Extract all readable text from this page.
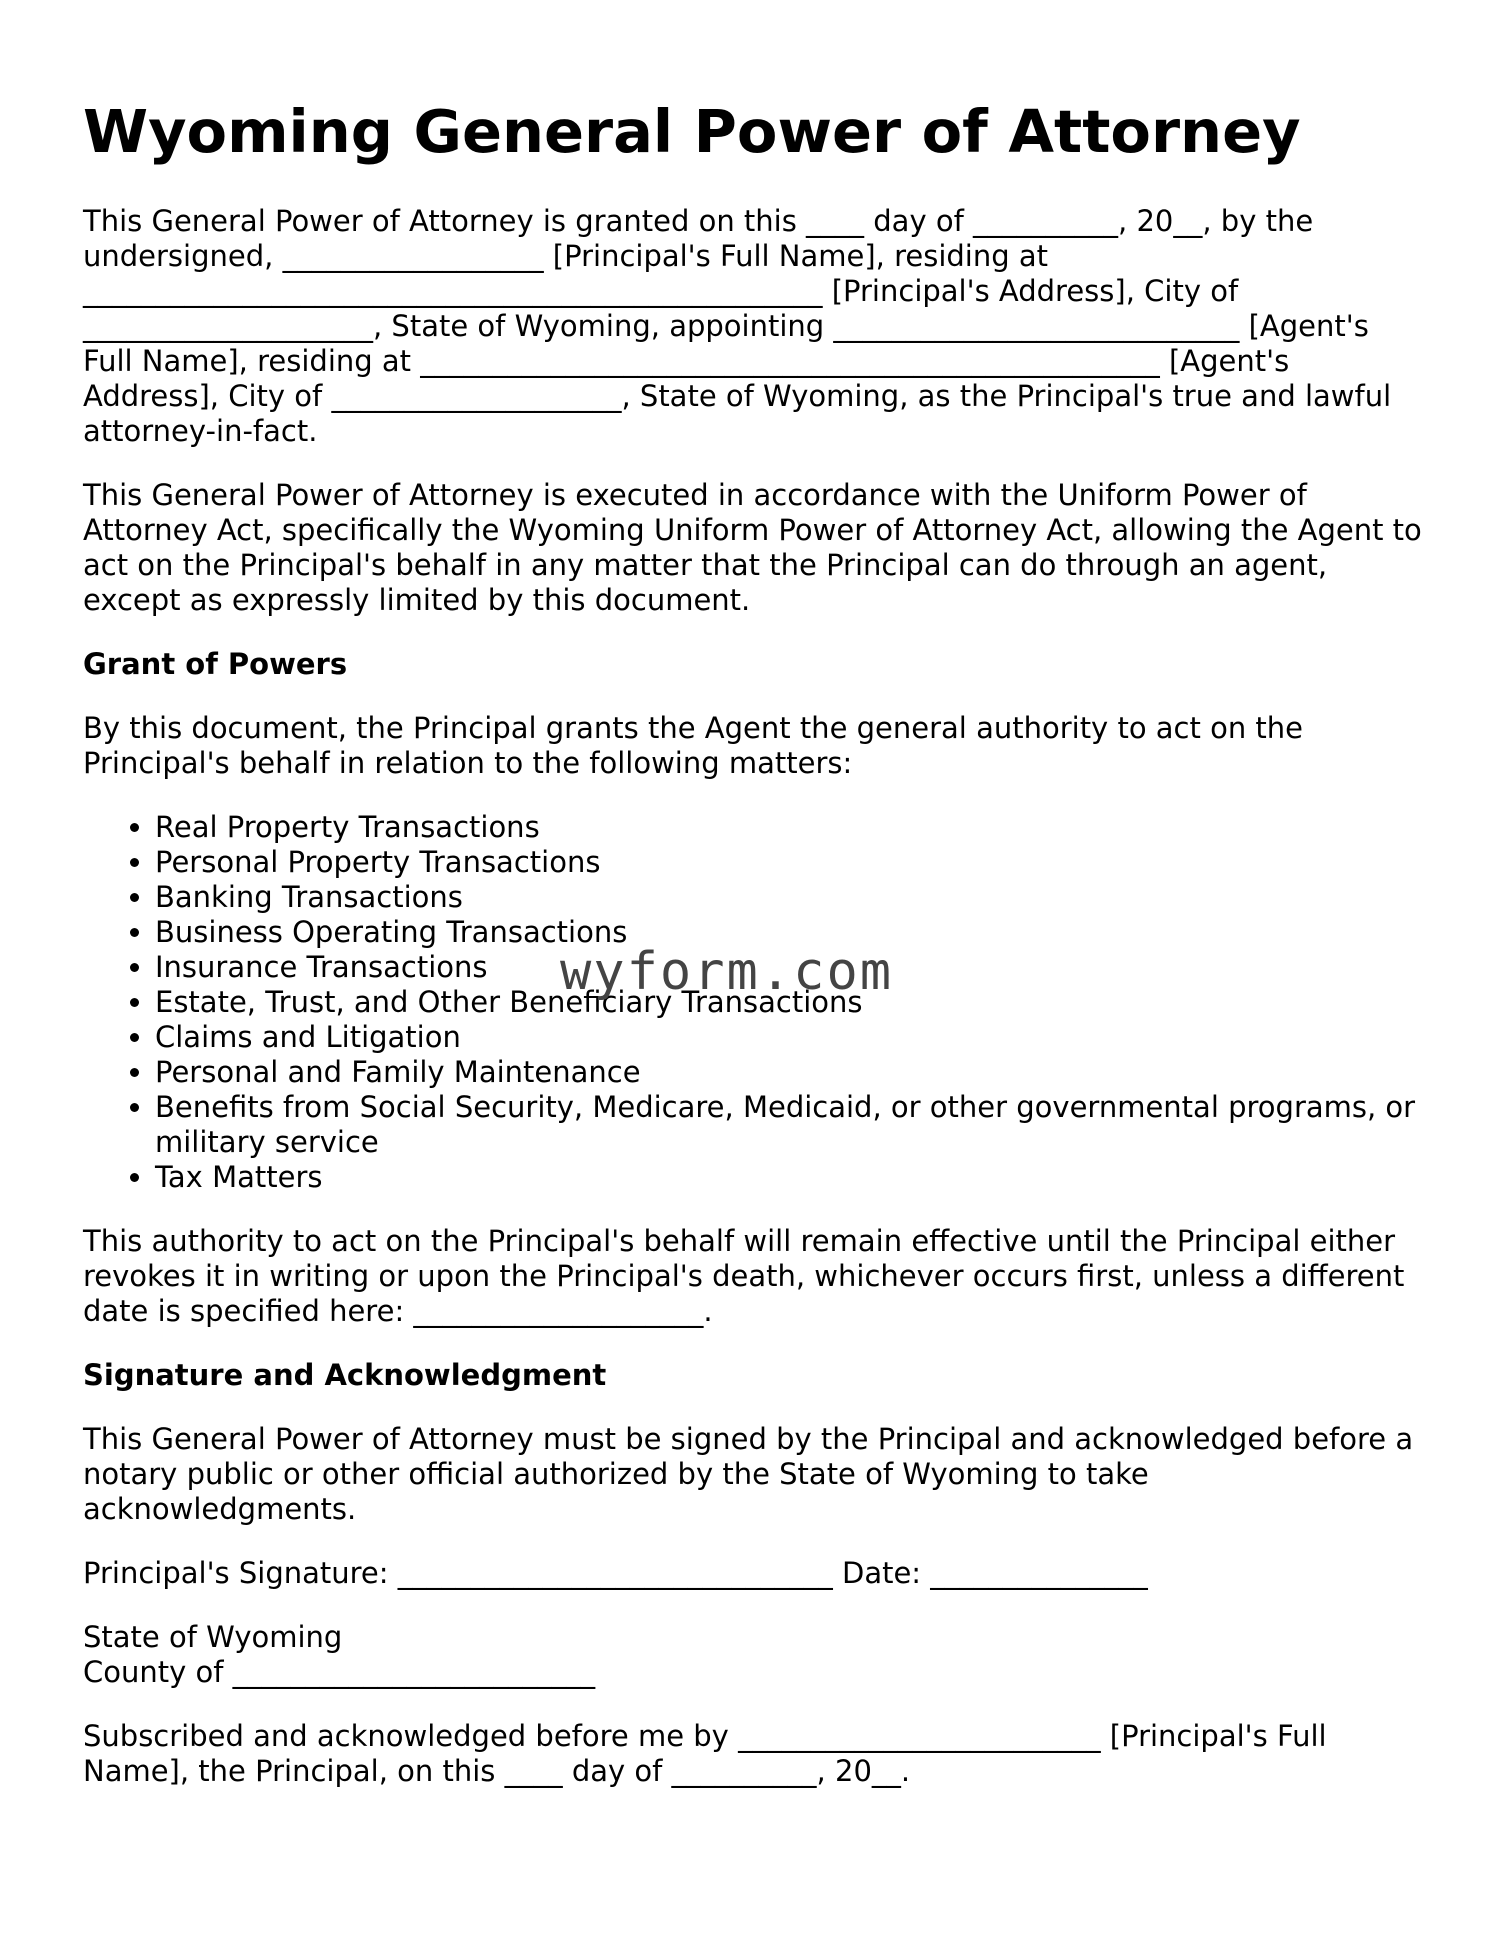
Wyoming General Power of Attorney

This General Power of Attorney is granted on this ____ day of __________, 20__, by the undersigned, __________________ [Principal's Full Name], residing at ___________________________________________________ [Principal's Address], City of ____________________, State of Wyoming, appointing ____________________________ [Agent's Full Name], residing at ___________________________________________________ [Agent's Address], City of ____________________, State of Wyoming, as the Principal's true and lawful attorney-in-fact.

This General Power of Attorney is executed in accordance with the Uniform Power of Attorney Act, specifically the Wyoming Uniform Power of Attorney Act, allowing the Agent to act on the Principal's behalf in any matter that the Principal can do through an agent, except as expressly limited by this document.

Grant of Powers

By this document, the Principal grants the Agent the general authority to act on the Principal's behalf in relation to the following matters:

• Real Property Transactions
• Personal Property Transactions
• Banking Transactions
• Business Operating Transactions
• Insurance Transactions
• Estate, Trust, and Other Beneficiary Transactions
• Claims and Litigation
• Personal and Family Maintenance
• Benefits from Social Security, Medicare, Medicaid, or other governmental programs, or military service
• Tax Matters

This authority to act on the Principal's behalf will remain effective until the Principal either revokes it in writing or upon the Principal's death, whichever occurs first, unless a different date is specified here: ____________________.

Signature and Acknowledgment

This General Power of Attorney must be signed by the Principal and acknowledged before a notary public or other official authorized by the State of Wyoming to take acknowledgments.

Principal's Signature: ______________________________ Date: _______________

State of Wyoming
County of _________________________

Subscribed and acknowledged before me by _________________________ [Principal's Full Name], the Principal, on this ____ day of __________, 20__.

wyform.com
